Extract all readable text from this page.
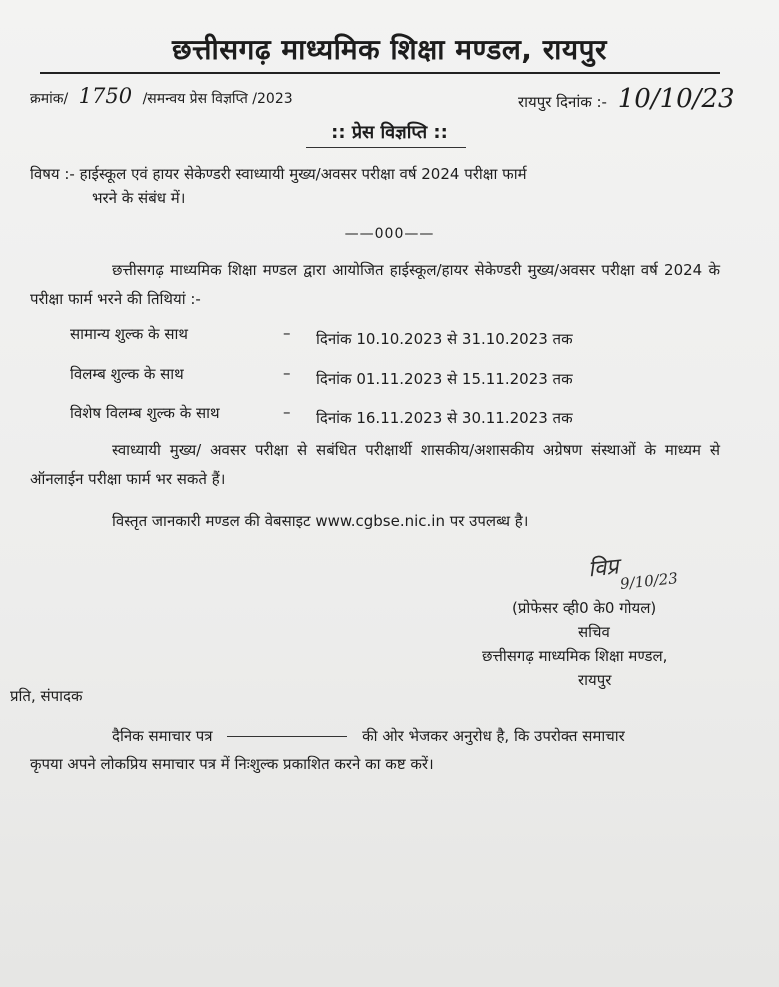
छत्तीसगढ़ माध्यमिक शिक्षा मण्डल, रायपुर
क्रमांक/ 1750 /समन्वय प्रेस विज्ञप्ति /2023	रायपुर दिनांक :- 10/10/23
:: प्रेस विज्ञप्ति ::
विषय :- हाईस्कूल एवं हायर सेकेण्डरी स्वाध्यायी मुख्य/अवसर परीक्षा वर्ष 2024 परीक्षा फार्म
भरने के संबंध में।
——000——
छत्तीसगढ़ माध्यमिक शिक्षा मण्डल द्वारा आयोजित हाईस्कूल/हायर सेकेण्डरी मुख्य/अवसर परीक्षा वर्ष 2024 के परीक्षा फार्म भरने की तिथियां :-
सामान्य शुल्क के साथ	– दिनांक 10.10.2023 से 31.10.2023 तक
विलम्ब शुल्क के साथ	– दिनांक 01.11.2023 से 15.11.2023 तक
विशेष विलम्ब शुल्क के साथ	– दिनांक 16.11.2023 से 30.11.2023 तक
स्वाध्यायी मुख्य/ अवसर परीक्षा से सबंधित परीक्षार्थी शासकीय/अशासकीय अग्रेषण संस्थाओं के माध्यम से ऑनलाईन परीक्षा फार्म भर सकते हैं।
विस्तृत जानकारी मण्डल की वेबसाइट www.cgbse.nic.in पर उपलब्ध है।
विप्र 9/10/23
(प्रोफेसर व्ही0 के0 गोयल)
सचिव
छत्तीसगढ़ माध्यमिक शिक्षा मण्डल,
रायपुर
प्रति, संपादक
दैनिक समाचार पत्र	की ओर भेजकर अनुरोध है, कि उपरोक्त समाचार
कृपया अपने लोकप्रिय समाचार पत्र में निःशुल्क प्रकाशित करने का कष्ट करें।
